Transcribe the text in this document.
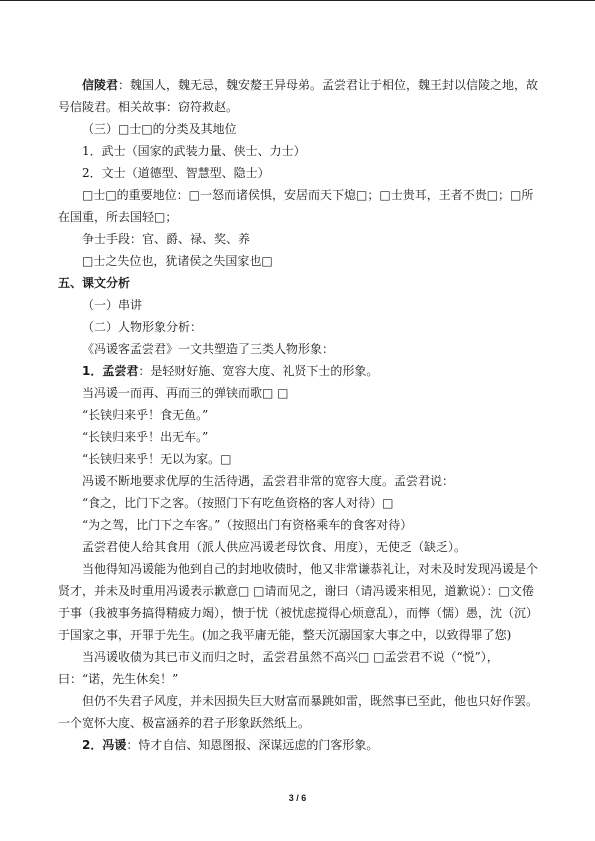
信陵君：魏国人，魏无忌，魏安嫠王异母弟。孟尝君让于相位，魏王封以信陵之地，故号信陵君。相关故事：窃符救赵。

（三）□士□的分类及其地位

1．武士（国家的武装力量、侠士、力士）

2．文士（道德型、智慧型、隐士）

□士□的重要地位：□一怒而诸侯惧，安居而天下熄□；□士贵耳，王者不贵□；□所在国重，所去国轻□；

争士手段：官、爵、禄、奖、养

□士之失位也，犹诸侯之失国家也□

五、课文分析

（一）串讲

（二）人物形象分析：

《冯谖客孟尝君》一文共塑造了三类人物形象：

1．孟尝君：是轻财好施、宽容大度、礼贤下士的形象。

当冯谖一而再、再而三的弹铗而歌□ □

“长铗归来乎！食无鱼。”

“长铗归来乎！出无车。”

“长铗归来乎！无以为家。□

冯谖不断地要求优厚的生活待遇，孟尝君非常的宽容大度。孟尝君说：

“食之，比门下之客。（按照门下有吃鱼资格的客人对待）□

“为之驾，比门下之车客。”（按照出门有资格乘车的食客对待）

孟尝君使人给其食用（派人供应冯谖老母饮食、用度），无使乏（缺乏）。

当他得知冯谖能为他到自己的封地收债时，他又非常谦恭礼让，对未及时发现冯谖是个贤才，并未及时重用冯谖表示歉意□ □请而见之，谢曰（请冯谖来相见，道歉说）：□文倦于事（我被事务搞得精疲力竭），愦于忧（被忧虑搅得心烦意乱），而懧（懦）愚，沈（沉）于国家之事，开罪于先生。(加之我平庸无能，整天沉溺国家大事之中，以致得罪了您)

当冯谖收债为其已市义而归之时，孟尝君虽然不高兴□ □孟尝君不说（“悦”），曰：“诺，先生休矣！”

但仍不失君子风度，并未因损失巨大财富而暴跳如雷，既然事已至此，他也只好作罢。一个宽怀大度、极富涵养的君子形象跃然纸上。

2．冯谖：恃才自信、知恩图报、深谋远虑的门客形象。

3 / 6
